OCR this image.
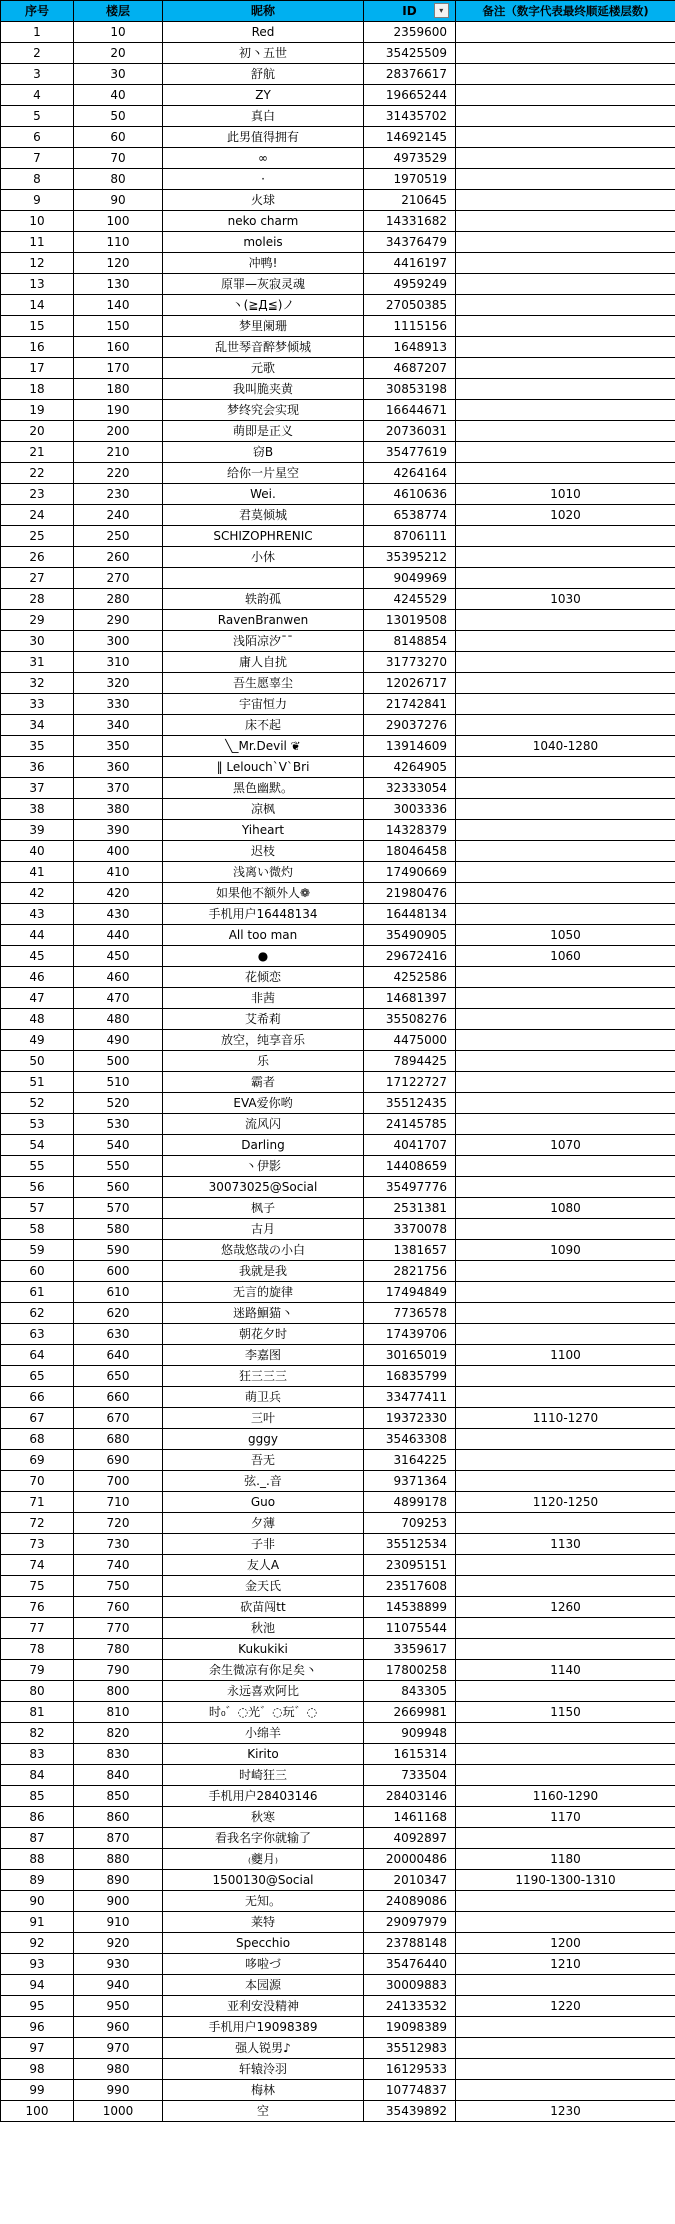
序号	楼层	昵称	ID ▾	备注（数字代表最终顺延楼层数)
1	10	Red	2359600	
2	20	初丶五世	35425509	
3	30	舒航	28376617	
4	40	ZY	19665244	
5	50	真白	31435702	
6	60	此男值得拥有	14692145	
7	70	∞	4973529	
8	80	·	1970519	
9	90	火球	210645	
10	100	neko charm	14331682	
11	110	moleis	34376479	
12	120	冲鸭!	4416197	
13	130	原罪—灰寂灵魂	4959249	
14	140	丶(≧Д≦)ノ	27050385	
15	150	梦里阑珊	1115156	
16	160	乱世琴音醉梦倾城	1648913	
17	170	元歌	4687207	
18	180	我叫脆夹黄	30853198	
19	190	梦终究会实现	16644671	
20	200	萌即是正义	20736031	
21	210	窃B	35477619	
22	220	给你一片星空	4264164	
23	230	Wei.	4610636	1010
24	240	君莫倾城	6538774	1020
25	250	SCHIZOPHRENIC	8706111	
26	260	小休	35395212	
27	270		9049969	
28	280	轶韵孤	4245529	1030
29	290	RavenBranwen	13019508	
30	300	浅陌凉汐ˉˉ	8148854	
31	310	庸人自扰	31773270	
32	320	吾生愿辜尘	12026717	
33	330	宇宙恒力	21742841	
34	340	床不起	29037276	
35	350	╲_Mr.Devil ❦	13914609	1040-1280
36	360	‖ Lelouch`V`Bri	4264905	
37	370	黑色幽默。	32333054	
38	380	凉枫	3003336	
39	390	Yiheart	14328379	
40	400	迟枝	18046458	
41	410	浅离い微灼	17490669	
42	420	如果他不额外人❁	21980476	
43	430	手机用户16448134	16448134	
44	440	All too man	35490905	1050
45	450	●	29672416	1060
46	460	花倾恋	4252586	
47	470	非茜	14681397	
48	480	艾希莉	35508276	
49	490	放空，纯享音乐	4475000	
50	500	乐	7894425	
51	510	霸者	17122727	
52	520	EVA爱你哟	35512435	
53	530	流风闪	24145785	
54	540	Darling	4041707	1070
55	550	丶伊影	14408659	
56	560	30073025@Social	35497776	
57	570	枫子	2531381	1080
58	580	古月	3370078	
59	590	悠哉悠哉の小白	1381657	1090
60	600	我就是我	2821756	
61	610	无言的旋律	17494849	
62	620	迷路鮰猫丶	7736578	
63	630	朝花夕时	17439706	
64	640	李嘉图	30165019	1100
65	650	狂三三三	16835799	
66	660	萌卫兵	33477411	
67	670	三叶	19372330	1110-1270
68	680	gggy	35463308	
69	690	吾无	3164225	
70	700	弦._.音	9371364	
71	710	Guo	4899178	1120-1250
72	720	夕薄	709253	
73	730	子非	35512534	1130
74	740	友人A	23095151	
75	750	金天氏	23517608	
76	760	砍苗闯tt	14538899	1260
77	770	秋池	11075544	
78	780	Kukukiki	3359617	
79	790	余生微凉有你足矣丶	17800258	1140
80	800	永远喜欢阿比	843305	
81	810	时₀゛◌光゛◌玩゛◌	2669981	1150
82	820	小绵羊	909948	
83	830	Kirito	1615314	
84	840	时崎狂三	733504	
85	850	手机用户28403146	28403146	1160-1290
86	860	秋寒	1461168	1170
87	870	看我名字你就输了	4092897	
88	880	₍夔月₎	20000486	1180
89	890	1500130@Social	2010347	1190-1300-1310
90	900	无知。	24089086	
91	910	莱特	29097979	
92	920	Specchio	23788148	1200
93	930	哆啦づ	35476440	1210
94	940	本园源	30009883	
95	950	亚利安没精神	24133532	1220
96	960	手机用户19098389	19098389	
97	970	强人锐男♪	35512983	
98	980	轩辕泠羽	16129533	
99	990	梅林	10774837	
100	1000	空	35439892	1230
